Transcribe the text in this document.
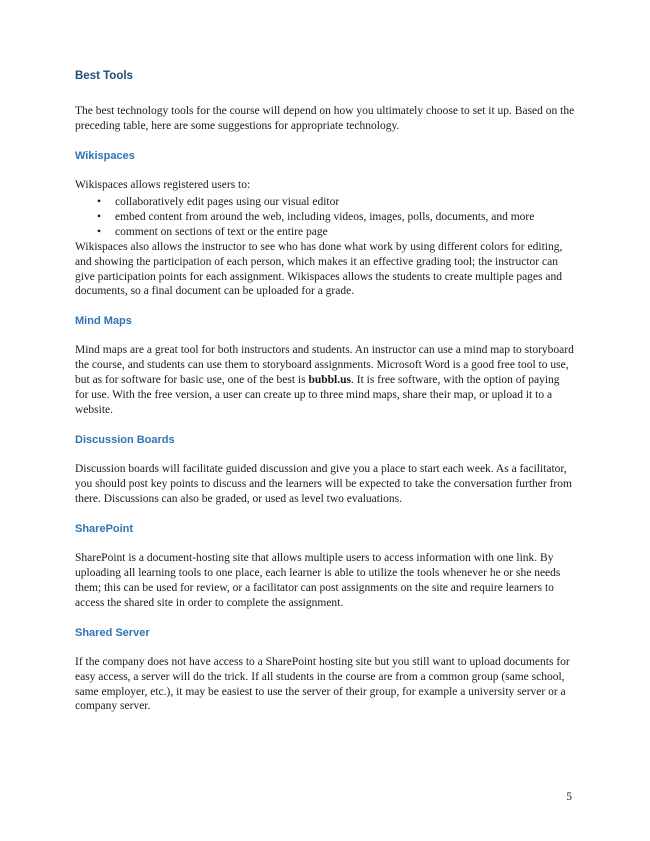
Best Tools

The best technology tools for the course will depend on how you ultimately choose to set it up. Based on the preceding table, here are some suggestions for appropriate technology.

Wikispaces

Wikispaces allows registered users to:

• collaboratively edit pages using our visual editor
• embed content from around the web, including videos, images, polls, documents, and more
• comment on sections of text or the entire page

Wikispaces also allows the instructor to see who has done what work by using different colors for editing, and showing the participation of each person, which makes it an effective grading tool; the instructor can give participation points for each assignment. Wikispaces allows the students to create multiple pages and documents, so a final document can be uploaded for a grade.

Mind Maps

Mind maps are a great tool for both instructors and students. An instructor can use a mind map to storyboard the course, and students can use them to storyboard assignments. Microsoft Word is a good free tool to use, but as for software for basic use, one of the best is bubbl.us. It is free software, with the option of paying for use. With the free version, a user can create up to three mind maps, share their map, or upload it to a website.

Discussion Boards

Discussion boards will facilitate guided discussion and give you a place to start each week. As a facilitator, you should post key points to discuss and the learners will be expected to take the conversation further from there. Discussions can also be graded, or used as level two evaluations.

SharePoint

SharePoint is a document-hosting site that allows multiple users to access information with one link. By uploading all learning tools to one place, each learner is able to utilize the tools whenever he or she needs them; this can be used for review, or a facilitator can post assignments on the site and require learners to access the shared site in order to complete the assignment.

Shared Server

If the company does not have access to a SharePoint hosting site but you still want to upload documents for easy access, a server will do the trick. If all students in the course are from a common group (same school, same employer, etc.), it may be easiest to use the server of their group, for example a university server or a company server.

5
